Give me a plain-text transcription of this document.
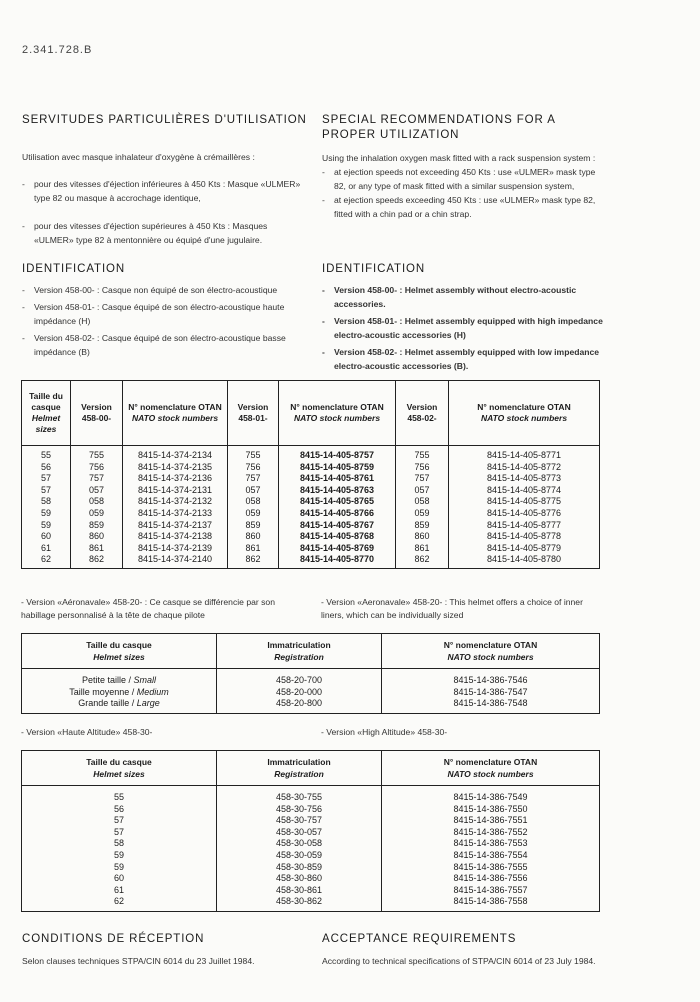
2.341.728.B
SERVITUDES PARTICULIÈRES D'UTILISATION
Utilisation avec masque inhalateur d'oxygène à crémaillères :
- pour des vitesses d'éjection inférieures à 450 Kts : Masque «ULMER» type 82 ou masque à accrochage identique,
- pour des vitesses d'éjection supérieures à 450 Kts : Masques «ULMER» type 82 à mentonnière ou équipé d'une jugulaire.
IDENTIFICATION
- Version 458-00- : Casque non équipé de son électro-acoustique
- Version 458-01- : Casque équipé de son électro-acoustique haute impédance (H)
- Version 458-02- : Casque équipé de son électro-acoustique basse impédance (B)
SPECIAL RECOMMENDATIONS FOR A PROPER UTILIZATION
Using the inhalation oxygen mask fitted with a rack suspension system :
- at ejection speeds not exceeding 450 Kts : use «ULMER» mask type 82, or any type of mask fitted with a similar suspension system,
- at ejection speeds exceeding 450 Kts : use «ULMER» mask type 82, fitted with a chin pad or a chin strap.
IDENTIFICATION
- Version 458-00- : Helmet assembly without electro-acoustic accessories.
- Version 458-01- : Helmet assembly equipped with high impedance electro-acoustic accessories (H)
- Version 458-02- : Helmet assembly equipped with low impedance electro-acoustic accessories (B).
Taille du casque
Helmet sizes	Version 458-00-	N° nomenclature OTAN
NATO stock numbers	Version 458-01-	N° nomenclature OTAN
NATO stock numbers	Version 458-02-	N° nomenclature OTAN
NATO stock numbers
55	755	8415-14-374-2134	755	8415-14-405-8757	755	8415-14-405-8771
56	756	8415-14-374-2135	756	8415-14-405-8759	756	8415-14-405-8772
57	757	8415-14-374-2136	757	8415-14-405-8761	757	8415-14-405-8773
57	057	8415-14-374-2131	057	8415-14-405-8763	057	8415-14-405-8774
58	058	8415-14-374-2132	058	8415-14-405-8765	058	8415-14-405-8775
59	059	8415-14-374-2133	059	8415-14-405-8766	059	8415-14-405-8776
59	859	8415-14-374-2137	859	8415-14-405-8767	859	8415-14-405-8777
60	860	8415-14-374-2138	860	8415-14-405-8768	860	8415-14-405-8778
61	861	8415-14-374-2139	861	8415-14-405-8769	861	8415-14-405-8779
62	862	8415-14-374-2140	862	8415-14-405-8770	862	8415-14-405-8780
- Version «Aéronavale» 458-20- : Ce casque se différencie par son habillage personnalisé à la tête de chaque pilote
- Version «Aeronavale» 458-20- : This helmet offers a choice of inner liners, which can be individually sized
Taille du casque
Helmet sizes	Immatriculation
Registration	N° nomenclature OTAN
NATO stock numbers
Petite taille / Small	458-20-700	8415-14-386-7546
Taille moyenne / Medium	458-20-000	8415-14-386-7547
Grande taille / Large	458-20-800	8415-14-386-7548
- Version «Haute Altitude» 458-30-	- Version «High Altitude» 458-30-
Taille du casque
Helmet sizes	Immatriculation
Registration	N° nomenclature OTAN
NATO stock numbers
55	458-30-755	8415-14-386-7549
56	458-30-756	8415-14-386-7550
57	458-30-757	8415-14-386-7551
57	458-30-057	8415-14-386-7552
58	458-30-058	8415-14-386-7553
59	458-30-059	8415-14-386-7554
59	458-30-859	8415-14-386-7555
60	458-30-860	8415-14-386-7556
61	458-30-861	8415-14-386-7557
62	458-30-862	8415-14-386-7558
CONDITIONS DE RÉCEPTION
Selon clauses techniques STPA/CIN 6014 du 23 Juillet 1984.
ACCEPTANCE REQUIREMENTS
According to technical specifications of STPA/CIN 6014 of 23 July 1984.
